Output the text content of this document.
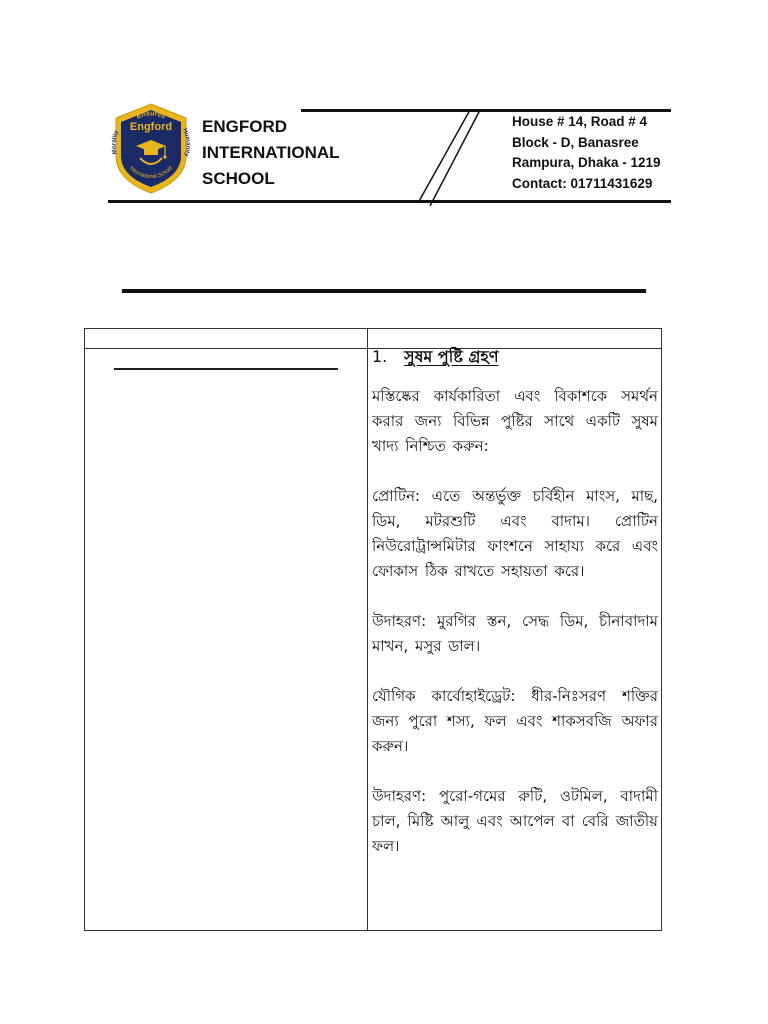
Ensures
Morality	Humanity
Engford
International School
ENGFORD
INTERNATIONAL
SCHOOL
House # 14, Road # 4
Block - D, Banasree
Rampura, Dhaka - 1219
Contact: 01711431629
1.	সুষম পুষ্টি গ্রহণ

মস্তিষ্কের কার্যকারিতা এবং বিকাশকে সমর্থন করার জন্য বিভিন্ন পুষ্টির সাথে একটি সুষম খাদ্য নিশ্চিত করুন:

প্রোটিন: এতে অন্তর্ভুক্ত চর্বিহীন মাংস, মাছ, ডিম, মটরশুটি এবং বাদাম। প্রোটিন নিউরোট্রান্সমিটার ফাংশনে সাহায্য করে এবং ফোকাস ঠিক রাখতে সহায়তা করে।

উদাহরণ: মুরগির স্তন, সেদ্ধ ডিম, চীনাবাদাম মাখন, মসুর ডাল।

যৌগিক কার্বোহাইড্রেট: ধীর-নিঃসরণ শক্তির জন্য পুরো শস্য, ফল এবং শাকসবজি অফার করুন।

উদাহরণ: পুরো-গমের রুটি, ওটমিল, বাদামী চাল, মিষ্টি আলু এবং আপেল বা বেরি জাতীয় ফল।
